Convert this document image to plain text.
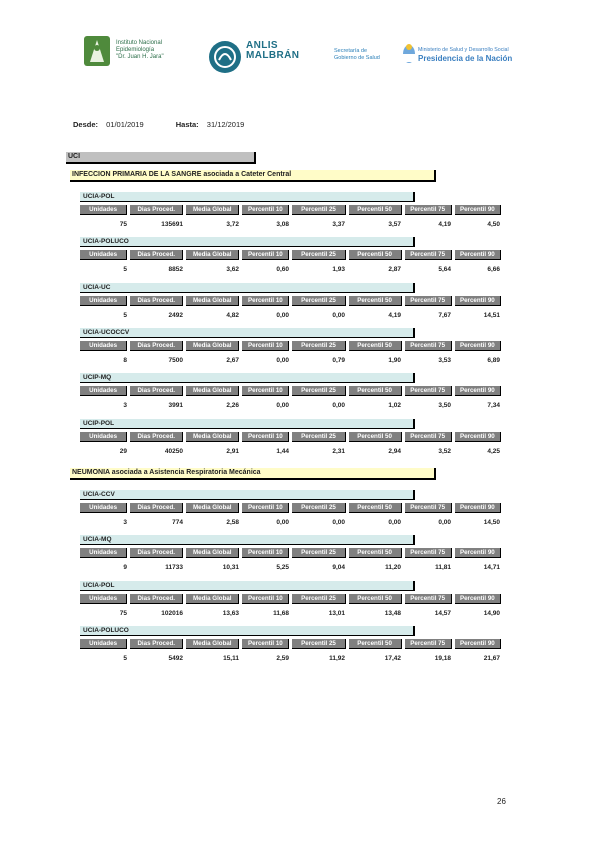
Instituto Nacional
Epidemiología
"Dr. Juan H. Jara"
ANLIS
MALBRÁN	Secretaría de
Gobierno de Salud
Ministerio de Salud y Desarrollo Social
Presidencia de la Nación
Desde: 01/01/2019	Hasta: 31/12/2019
UCI
INFECCION PRIMARIA DE LA SANGRE asociada a Cateter Central
UCIA-POL
Unidades	Dias Proced.	Media Global	Percentil 10	Percentil 25	Percentil 50	Percentil 75	Percentil 90
75	135691	3,72	3,08	3,37	3,57	4,19	4,50
UCIA-POLUCO
Unidades	Dias Proced.	Media Global	Percentil 10	Percentil 25	Percentil 50	Percentil 75	Percentil 90
5	8852	3,62	0,60	1,93	2,87	5,64	6,66
UCIA-UC
Unidades	Dias Proced.	Media Global	Percentil 10	Percentil 25	Percentil 50	Percentil 75	Percentil 90
5	2492	4,82	0,00	0,00	4,19	7,67	14,51
UCIA-UCOCCV
Unidades	Dias Proced.	Media Global	Percentil 10	Percentil 25	Percentil 50	Percentil 75	Percentil 90
8	7500	2,67	0,00	0,79	1,90	3,53	6,89
UCIP-MQ
Unidades	Dias Proced.	Media Global	Percentil 10	Percentil 25	Percentil 50	Percentil 75	Percentil 90
3	3991	2,26	0,00	0,00	1,02	3,50	7,34
UCIP-POL
Unidades	Dias Proced.	Media Global	Percentil 10	Percentil 25	Percentil 50	Percentil 75	Percentil 90
29	40250	2,91	1,44	2,31	2,94	3,52	4,25
NEUMONIA asociada a Asistencia Respiratoria Mecánica
UCIA-CCV
Unidades	Dias Proced.	Media Global	Percentil 10	Percentil 25	Percentil 50	Percentil 75	Percentil 90
3	774	2,58	0,00	0,00	0,00	0,00	14,50
UCIA-MQ
Unidades	Dias Proced.	Media Global	Percentil 10	Percentil 25	Percentil 50	Percentil 75	Percentil 90
9	11733	10,31	5,25	9,04	11,20	11,81	14,71
UCIA-POL
Unidades	Dias Proced.	Media Global	Percentil 10	Percentil 25	Percentil 50	Percentil 75	Percentil 90
75	102016	13,63	11,68	13,01	13,48	14,57	14,90
UCIA-POLUCO
Unidades	Dias Proced.	Media Global	Percentil 10	Percentil 25	Percentil 50	Percentil 75	Percentil 90
5	5492	15,11	2,59	11,92	17,42	19,18	21,67
26
